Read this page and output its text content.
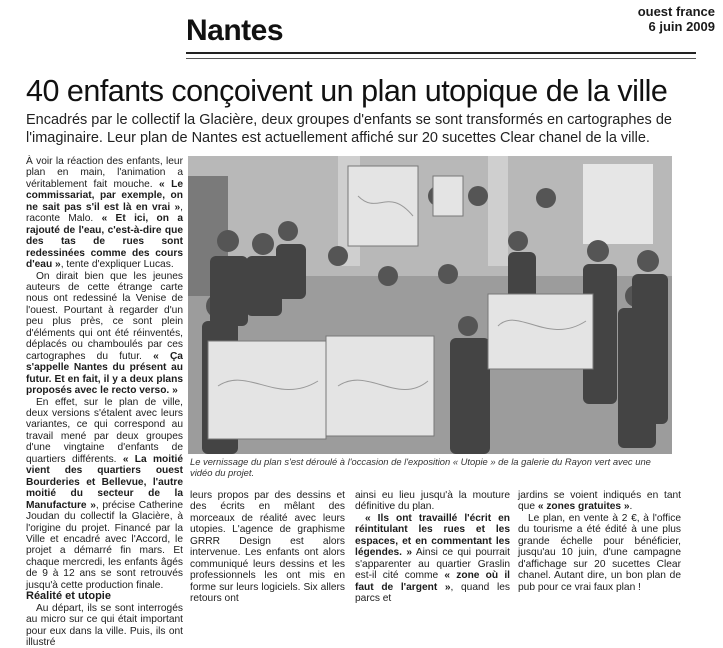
Nantes
ouest france
6 juin 2009
40 enfants conçoivent un plan utopique de la ville
Encadrés par le collectif la Glacière, deux groupes d'enfants se sont transformés en cartographes de l'imaginaire. Leur plan de Nantes est actuellement affiché sur 20 sucettes Clear chanel de la ville.

À voir la réaction des enfants, leur plan en main, l'animation a véritablement fait mouche. « Le commissariat, par exemple, on ne sait pas s'il est là en vrai », raconte Malo. « Et ici, on a rajouté de l'eau, c'est-à-dire que des tas de rues sont redessinées comme des cours d'eau », tente d'expliquer Lucas.

On dirait bien que les jeunes auteurs de cette étrange carte nous ont redessiné la Venise de l'ouest. Pourtant à regarder d'un peu plus près, ce sont plein d'éléments qui ont été réinventés, déplacés ou chamboulés par ces cartographes du futur. « Ça s'appelle Nantes du présent au futur. Et en fait, il y a deux plans proposés avec le recto verso. »

En effet, sur le plan de ville, deux versions s'étalent avec leurs variantes, ce qui correspond au travail mené par deux groupes d'une vingtaine d'enfants de quartiers différents. « La moitié vient des quartiers ouest Bourderies et Bellevue, l'autre moitié du secteur de la Manufacture », précise Catherine Joudan du collectif la Glacière, à l'origine du projet. Financé par la Ville et encadré avec l'Accord, le projet a démarré fin mars. Et chaque mercredi, les enfants âgés de 9 à 12 ans se sont retrouvés jusqu'à cette production finale.

Réalité et utopie

Au départ, ils se sont interrogés au micro sur ce qui était important pour eux dans la ville. Puis, ils ont illustré

Le vernissage du plan s'est déroulé à l'occasion de l'exposition « Utopie » de la galerie du Rayon vert avec une vidéo du projet.

leurs propos par des dessins et des écrits en mêlant des morceaux de réalité avec leurs utopies. L'agence de graphisme GRRR Design est alors intervenue. Les enfants ont alors communiqué leurs dessins et les professionnels les ont mis en forme sur leurs logiciels. Six allers retours ont

ainsi eu lieu jusqu'à la mouture définitive du plan.

« Ils ont travaillé l'écrit en réintitulant les rues et les espaces, et en commentant les légendes. » Ainsi ce qui pourrait s'apparenter au quartier Graslin est-il cité comme « zone où il faut de l'argent », quand les parcs et

jardins se voient indiqués en tant que « zones gratuites ».

Le plan, en vente à 2 €, à l'office du tourisme a été édité à une plus grande échelle pour bénéficier, jusqu'au 10 juin, d'une campagne d'affichage sur 20 sucettes Clear chanel. Autant dire, un bon plan de pub pour ce vrai faux plan !
